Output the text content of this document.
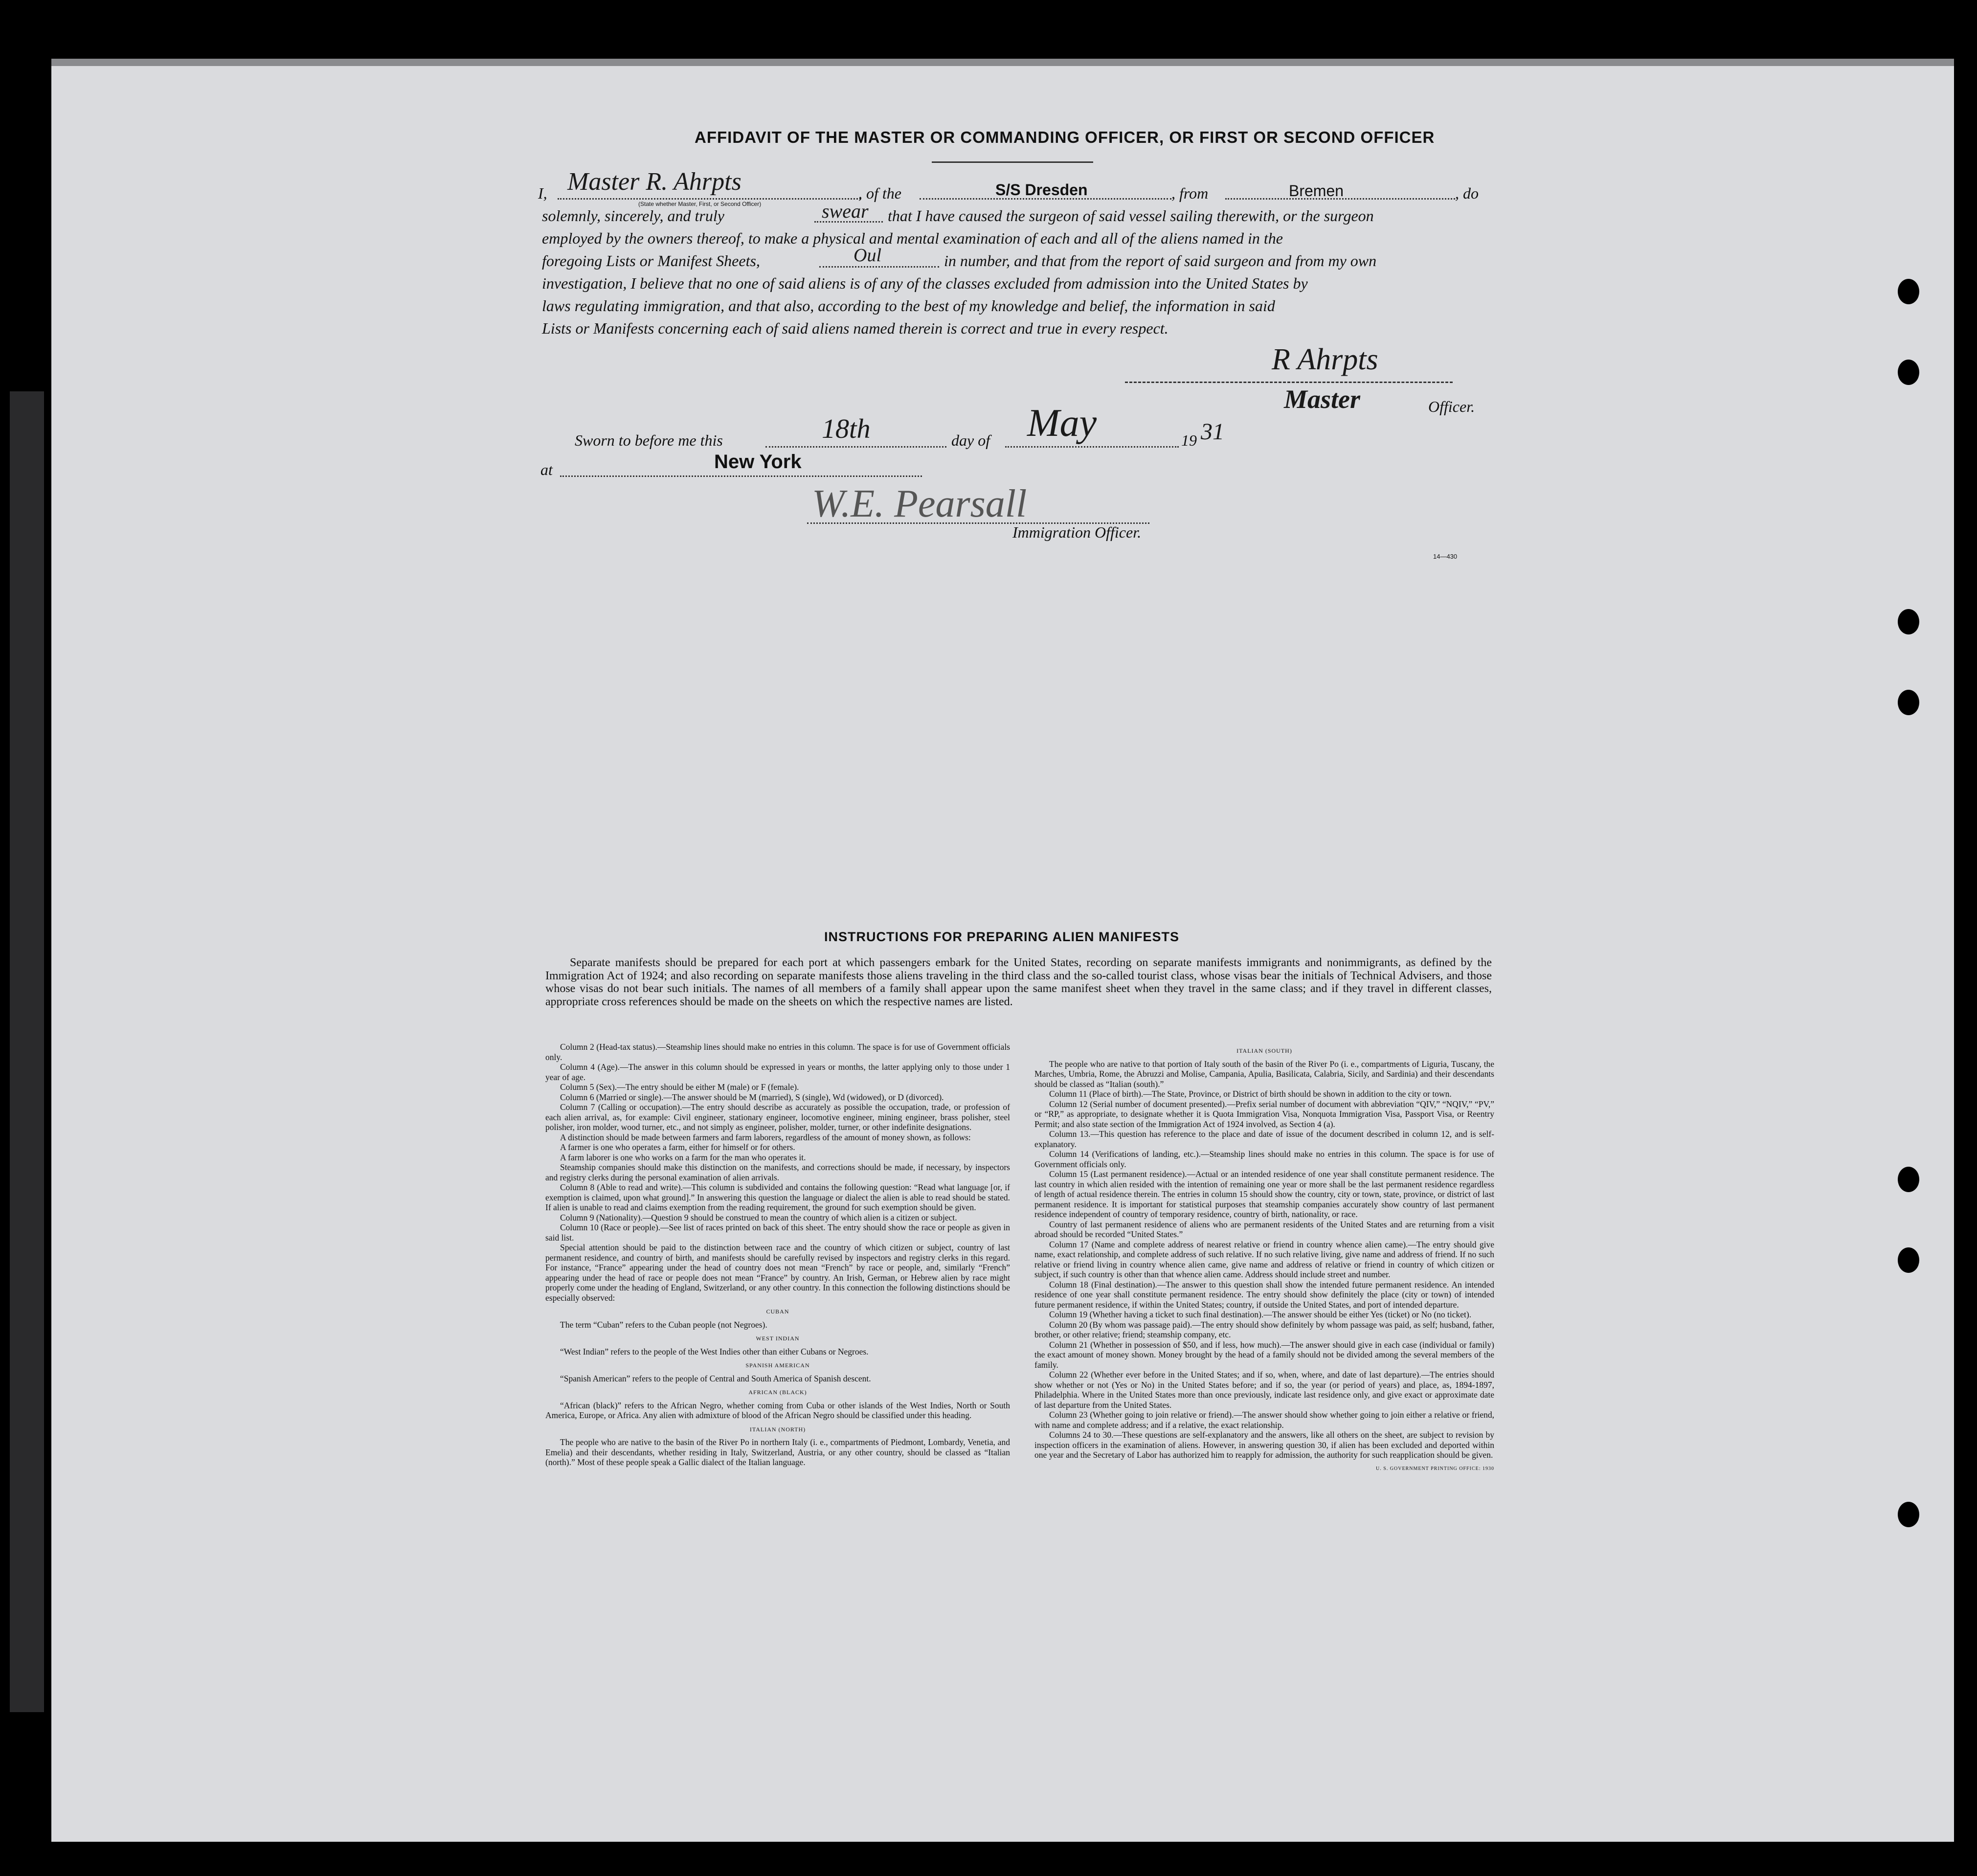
AFFIDAVIT OF THE MASTER OR COMMANDING OFFICER, OR FIRST OR SECOND OFFICER
I, Master R. Ahrpts
(State whether Master, First, or Second Officer)
, of the	S/S Dresden	, from	Bremen	, do
solemnly, sincerely, and truly	swear that I have caused the surgeon of said vessel sailing therewith, or the surgeon
employed by the owners thereof, to make a physical and mental examination of each and all of the aliens named in the
foregoing Lists or Manifest Sheets,	Oul	in number, and that from the report of said surgeon and from my own
investigation, I believe that no one of said aliens is of any of the classes excluded from admission into the United States by
laws regulating immigration, and that also, according to the best of my knowledge and belief, the information in said
Lists or Manifests concerning each of said aliens named therein is correct and true in every respect.
R Ahrpts
Master	Officer.
Sworn to before me this	18th	day of May	19 31
at	New York
W.E. Pearsall
Immigration Officer.
14—430
INSTRUCTIONS FOR PREPARING ALIEN MANIFESTS
Separate manifests should be prepared for each port at which passengers embark for the United States, recording on separate manifests immigrants and nonimmigrants, as defined by the Immigration Act of 1924; and also recording on separate manifests those aliens traveling in the third class and the so-called tourist class, whose visas bear the initials of Technical Advisers, and those whose visas do not bear such initials. The names of all members of a family shall appear upon the same manifest sheet when they travel in the same class; and if they travel in different classes, appropriate cross references should be made on the sheets on which the respective names are listed.

Column 2 (Head-tax status).—Steamship lines should make no entries in this column. The space is for use of Government officials only.

Column 4 (Age).—The answer in this column should be expressed in years or months, the latter applying only to those under 1 year of age.

Column 5 (Sex).—The entry should be either M (male) or F (female).

Column 6 (Married or single).—The answer should be M (married), S (single), Wd (widowed), or D (divorced).

Column 7 (Calling or occupation).—The entry should describe as accurately as possible the occupation, trade, or profession of each alien arrival, as, for example: Civil engineer, stationary engineer, locomotive engineer, mining engineer, brass polisher, steel polisher, iron molder, wood turner, etc., and not simply as engineer, polisher, molder, turner, or other indefinite designations.

A distinction should be made between farmers and farm laborers, regardless of the amount of money shown, as follows:

A farmer is one who operates a farm, either for himself or for others.

A farm laborer is one who works on a farm for the man who operates it.

Steamship companies should make this distinction on the manifests, and corrections should be made, if necessary, by inspectors and registry clerks during the personal examination of alien arrivals.

Column 8 (Able to read and write).—This column is subdivided and contains the following question: “Read what language [or, if exemption is claimed, upon what ground].” In answering this question the language or dialect the alien is able to read should be stated. If alien is unable to read and claims exemption from the reading requirement, the ground for such exemption should be given.

Column 9 (Nationality).—Question 9 should be construed to mean the country of which alien is a citizen or subject.

Column 10 (Race or people).—See list of races printed on back of this sheet. The entry should show the race or people as given in said list.

Special attention should be paid to the distinction between race and the country of which citizen or subject, country of last permanent residence, and country of birth, and manifests should be carefully revised by inspectors and registry clerks in this regard. For instance, “France” appearing under the head of country does not mean “French” by race or people, and, similarly “French” appearing under the head of race or people does not mean “France” by country. An Irish, German, or Hebrew alien by race might properly come under the heading of England, Switzerland, or any other country. In this connection the following distinctions should be especially observed:

CUBAN

The term “Cuban” refers to the Cuban people (not Negroes).

WEST INDIAN

“West Indian” refers to the people of the West Indies other than either Cubans or Negroes.

SPANISH AMERICAN

“Spanish American” refers to the people of Central and South America of Spanish descent.

AFRICAN (BLACK)

“African (black)” refers to the African Negro, whether coming from Cuba or other islands of the West Indies, North or South America, Europe, or Africa. Any alien with admixture of blood of the African Negro should be classified under this heading.

ITALIAN (NORTH)

The people who are native to the basin of the River Po in northern Italy (i. e., compartments of Piedmont, Lombardy, Venetia, and Emelia) and their descendants, whether residing in Italy, Switzerland, Austria, or any other country, should be classed as “Italian (north).” Most of these people speak a Gallic dialect of the Italian language.

ITALIAN (SOUTH)

The people who are native to that portion of Italy south of the basin of the River Po (i. e., compartments of Liguria, Tuscany, the Marches, Umbria, Rome, the Abruzzi and Molise, Campania, Apulia, Basilicata, Calabria, Sicily, and Sardinia) and their descendants should be classed as “Italian (south).”

Column 11 (Place of birth).—The State, Province, or District of birth should be shown in addition to the city or town.

Column 12 (Serial number of document presented).—Prefix serial number of document with abbreviation “QIV,” “NQIV,” “PV,” or “RP,” as appropriate, to designate whether it is Quota Immigration Visa, Nonquota Immigration Visa, Passport Visa, or Reentry Permit; and also state section of the Immigration Act of 1924 involved, as Section 4 (a).

Column 13.—This question has reference to the place and date of issue of the document described in column 12, and is self-explanatory.

Column 14 (Verifications of landing, etc.).—Steamship lines should make no entries in this column. The space is for use of Government officials only.

Column 15 (Last permanent residence).—Actual or an intended residence of one year shall constitute permanent residence. The last country in which alien resided with the intention of remaining one year or more shall be the last permanent residence regardless of length of actual residence therein. The entries in column 15 should show the country, city or town, state, province, or district of last permanent residence. It is important for statistical purposes that steamship companies accurately show country of last permanent residence independent of country of temporary residence, country of birth, nationality, or race.

Country of last permanent residence of aliens who are permanent residents of the United States and are returning from a visit abroad should be recorded “United States.”

Column 17 (Name and complete address of nearest relative or friend in country whence alien came).—The entry should give name, exact relationship, and complete address of such relative. If no such relative living, give name and address of friend. If no such relative or friend living in country whence alien came, give name and address of relative or friend in country of which citizen or subject, if such country is other than that whence alien came. Address should include street and number.

Column 18 (Final destination).—The answer to this question shall show the intended future permanent residence. An intended residence of one year shall constitute permanent residence. The entry should show definitely the place (city or town) of intended future permanent residence, if within the United States; country, if outside the United States, and port of intended departure.

Column 19 (Whether having a ticket to such final destination).—The answer should be either Yes (ticket) or No (no ticket).

Column 20 (By whom was passage paid).—The entry should show definitely by whom passage was paid, as self; husband, father, brother, or other relative; friend; steamship company, etc.

Column 21 (Whether in possession of $50, and if less, how much).—The answer should give in each case (individual or family) the exact amount of money shown. Money brought by the head of a family should not be divided among the several members of the family.

Column 22 (Whether ever before in the United States; and if so, when, where, and date of last departure).—The entries should show whether or not (Yes or No) in the United States before; and if so, the year (or period of years) and place, as, 1894-1897, Philadelphia. Where in the United States more than once previously, indicate last residence only, and give exact or approximate date of last departure from the United States.

Column 23 (Whether going to join relative or friend).—The answer should show whether going to join either a relative or friend, with name and complete address; and if a relative, the exact relationship.

Columns 24 to 30.—These questions are self-explanatory and the answers, like all others on the sheet, are subject to revision by inspection officers in the examination of aliens. However, in answering question 30, if alien has been excluded and deported within one year and the Secretary of Labor has authorized him to reapply for admission, the authority for such reapplication should be given.

U. S. GOVERNMENT PRINTING OFFICE: 1930
